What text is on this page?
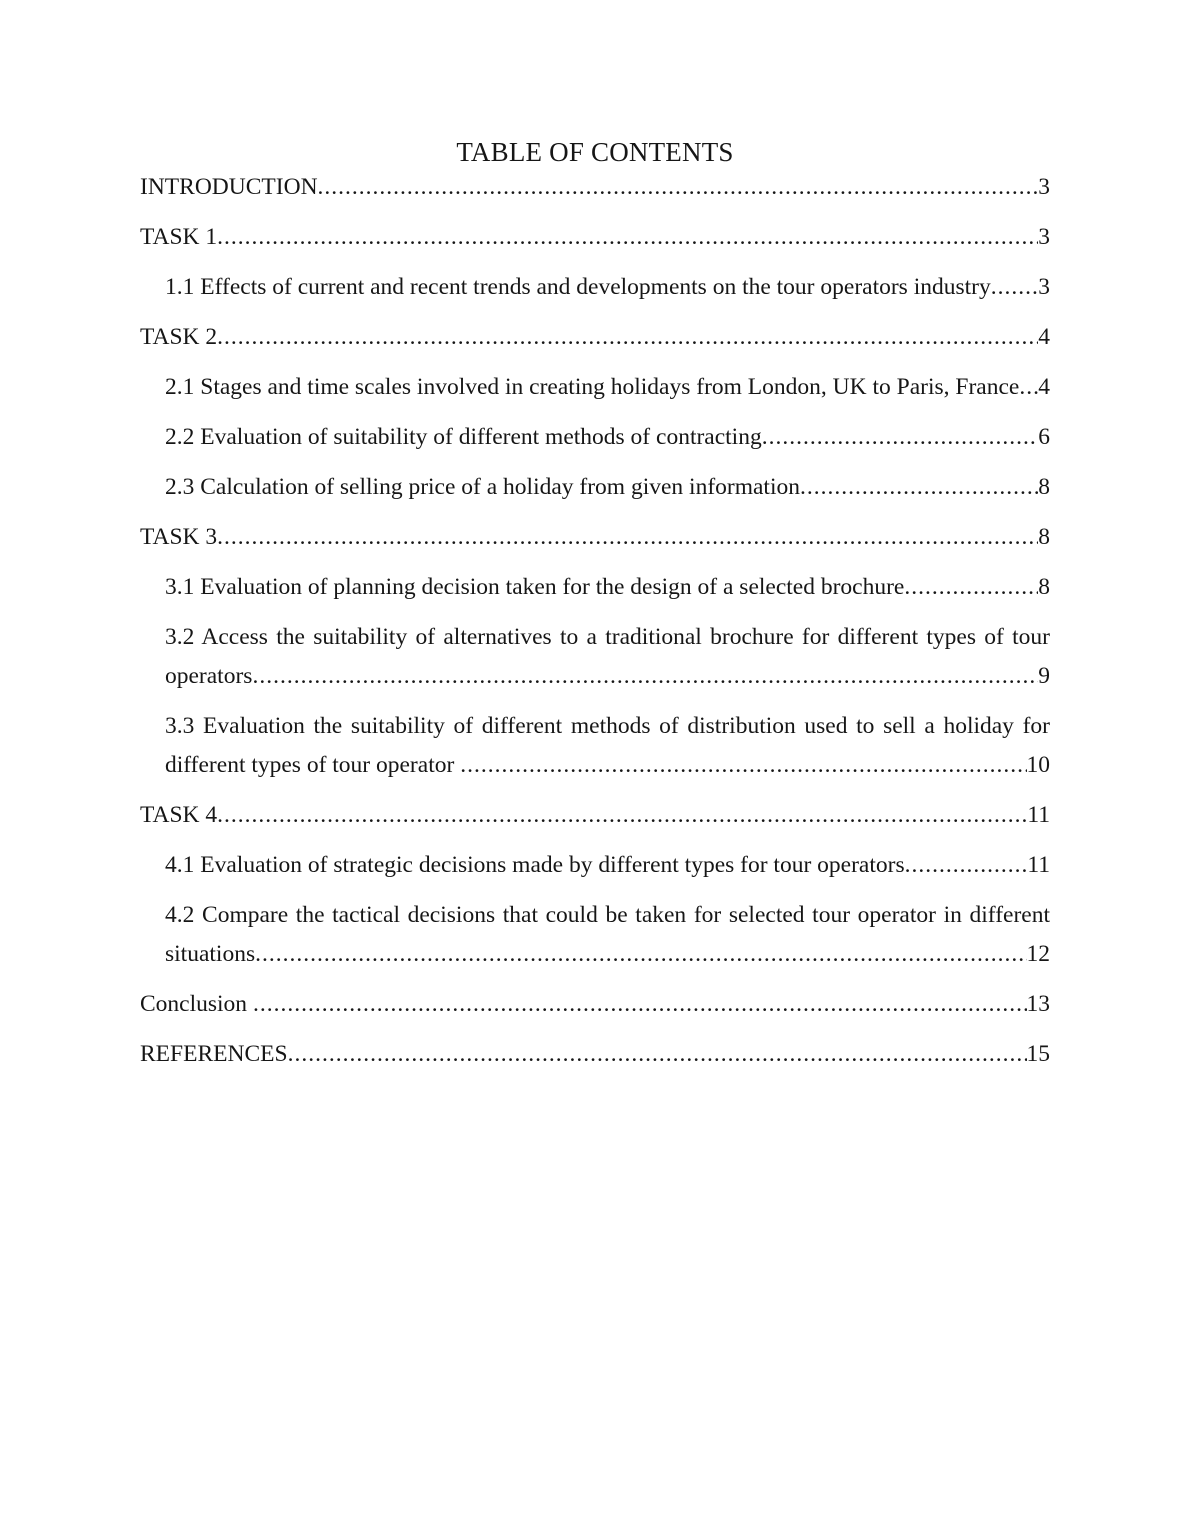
TABLE OF CONTENTS
INTRODUCTION .....	3
TASK 1 .....	3
1.1 Effects of current and recent trends and developments on the tour operators industry ..... 3
TASK 2 .....	4
2.1 Stages and time scales involved in creating holidays from London, UK to Paris, France ..... 4
2.2 Evaluation of suitability of different methods of contracting .....	6
2.3 Calculation of selling price of a holiday from given information .....	8
TASK 3 .....	8
3.1 Evaluation of planning decision taken for the design of a selected brochure .....	8
3.2 Access the suitability of alternatives to a traditional brochure for different types of tour
operators .....	9
3.3 Evaluation the suitability of different methods of distribution used to sell a holiday for
different types of tour operator .....	10
TASK 4 .....	11
4.1 Evaluation of strategic decisions made by different types for tour operators .....	11
4.2 Compare the tactical decisions that could be taken for selected tour operator in different
situations .....	12
Conclusion .....	13
REFERENCES .....	15
